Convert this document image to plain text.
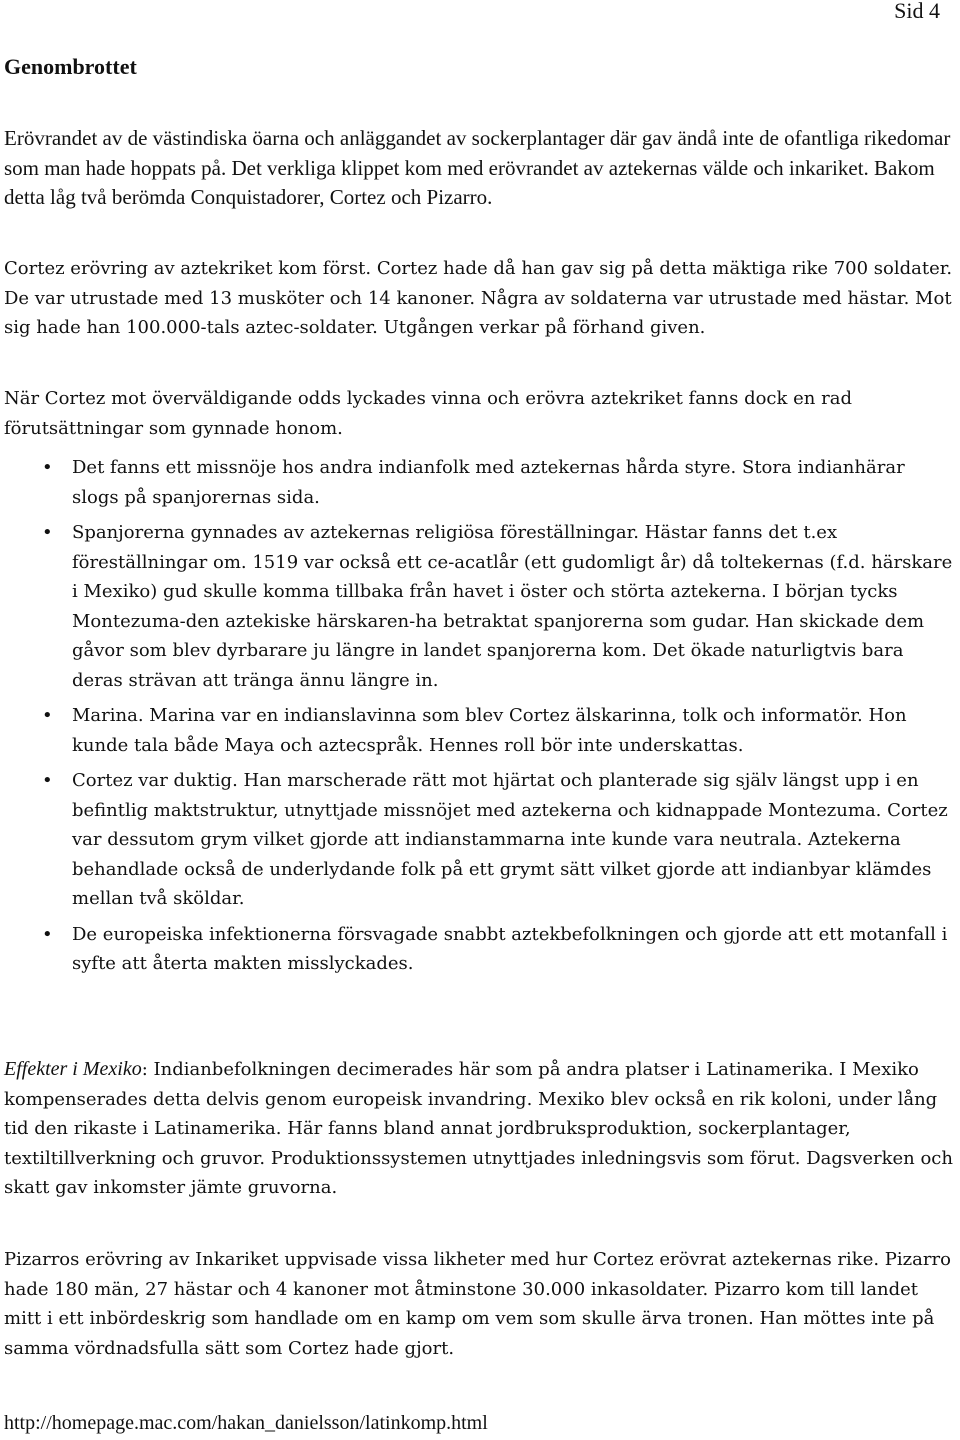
Sid 4
Genombrottet

Erövrandet av de västindiska öarna och anläggandet av sockerplantager där gav ändå inte de ofantliga rikedomar som man hade hoppats på. Det verkliga klippet kom med erövrandet av aztekernas välde och inkariket. Bakom detta låg två berömda Conquistadorer, Cortez och Pizarro.

Cortez erövring av aztekriket kom först. Cortez hade då han gav sig på detta mäktiga rike 700 soldater. De var utrustade med 13 musköter och 14 kanoner. Några av soldaterna var utrustade med hästar. Mot sig hade han 100.000-tals aztec-soldater. Utgången verkar på förhand given.

När Cortez mot överväldigande odds lyckades vinna och erövra aztekriket fanns dock en rad förutsättningar som gynnade honom.

• Det fanns ett missnöje hos andra indianfolk med aztekernas hårda styre. Stora indianhärar slogs på spanjorernas sida.
• Spanjorerna gynnades av aztekernas religiösa föreställningar. Hästar fanns det t.ex föreställningar om. 1519 var också ett ce-acatlår (ett gudomligt år) då toltekernas (f.d. härskare i Mexiko) gud skulle komma tillbaka från havet i öster och störta aztekerna. I början tycks Montezuma-den aztekiske härskaren-ha betraktat spanjorerna som gudar. Han skickade dem gåvor som blev dyrbarare ju längre in landet spanjorerna kom. Det ökade naturligtvis bara deras strävan att tränga ännu längre in.
• Marina. Marina var en indianslavinna som blev Cortez älskarinna, tolk och informatör. Hon kunde tala både Maya och aztecspråk. Hennes roll bör inte underskattas.
• Cortez var duktig. Han marscherade rätt mot hjärtat och planterade sig själv längst upp i en befintlig maktstruktur, utnyttjade missnöjet med aztekerna och kidnappade Montezuma. Cortez var dessutom grym vilket gjorde att indianstammarna inte kunde vara neutrala. Aztekerna behandlade också de underlydande folk på ett grymt sätt vilket gjorde att indianbyar klämdes mellan två sköldar.
• De europeiska infektionerna försvagade snabbt aztekbefolkningen och gjorde att ett motanfall i syfte att återta makten misslyckades.

Effekter i Mexiko: Indianbefolkningen decimerades här som på andra platser i Latinamerika. I Mexiko kompenserades detta delvis genom europeisk invandring. Mexiko blev också en rik koloni, under lång tid den rikaste i Latinamerika. Här fanns bland annat jordbruksproduktion, sockerplantager, textiltillverkning och gruvor. Produktionssystemen utnyttjades inledningsvis som förut. Dagsverken och skatt gav inkomster jämte gruvorna.

Pizarros erövring av Inkariket uppvisade vissa likheter med hur Cortez erövrat aztekernas rike. Pizarro hade 180 män, 27 hästar och 4 kanoner mot åtminstone 30.000 inkasoldater. Pizarro kom till landet mitt i ett inbördeskrig som handlade om en kamp om vem som skulle ärva tronen. Han möttes inte på samma vördnadsfulla sätt som Cortez hade gjort.

http://homepage.mac.com/hakan_danielsson/latinkomp.html
